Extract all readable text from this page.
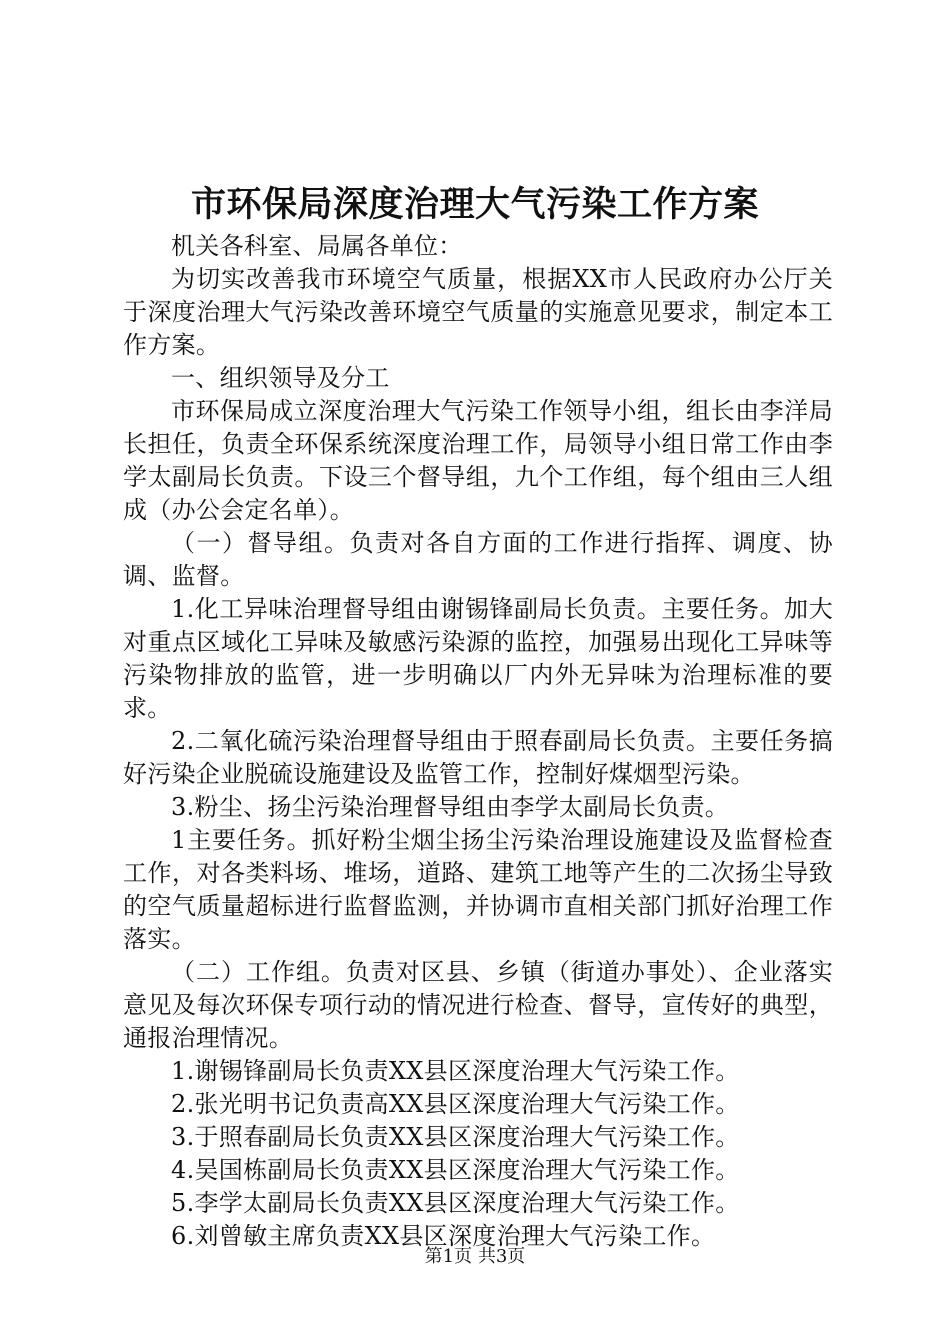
市环保局深度治理大气污染工作方案

机关各科室、局属各单位：

为切实改善我市环境空气质量，根据XX市人民政府办公厅关于深度治理大气污染改善环境空气质量的实施意见要求，制定本工作方案。

一、组织领导及分工

市环保局成立深度治理大气污染工作领导小组，组长由李洋局长担任，负责全环保系统深度治理工作，局领导小组日常工作由李学太副局长负责。下设三个督导组，九个工作组，每个组由三人组成（办公会定名单）。

（一）督导组。负责对各自方面的工作进行指挥、调度、协调、监督。

1.化工异味治理督导组由谢锡锋副局长负责。主要任务。加大对重点区域化工异味及敏感污染源的监控，加强易出现化工异味等污染物排放的监管，进一步明确以厂内外无异味为治理标准的要求。

2.二氧化硫污染治理督导组由于照春副局长负责。主要任务搞好污染企业脱硫设施建设及监管工作，控制好煤烟型污染。

3.粉尘、扬尘污染治理督导组由李学太副局长负责。

1主要任务。抓好粉尘烟尘扬尘污染治理设施建设及监督检查工作，对各类料场、堆场，道路、建筑工地等产生的二次扬尘导致的空气质量超标进行监督监测，并协调市直相关部门抓好治理工作落实。

（二）工作组。负责对区县、乡镇（街道办事处）、企业落实意见及每次环保专项行动的情况进行检查、督导，宣传好的典型，通报治理情况。

1.谢锡锋副局长负责XX县区深度治理大气污染工作。

2.张光明书记负责高XX县区深度治理大气污染工作。

3.于照春副局长负责XX县区深度治理大气污染工作。

4.吴国栋副局长负责XX县区深度治理大气污染工作。

5.李学太副局长负责XX县区深度治理大气污染工作。

6.刘曾敏主席负责XX县区深度治理大气污染工作。

第1页 共3页
